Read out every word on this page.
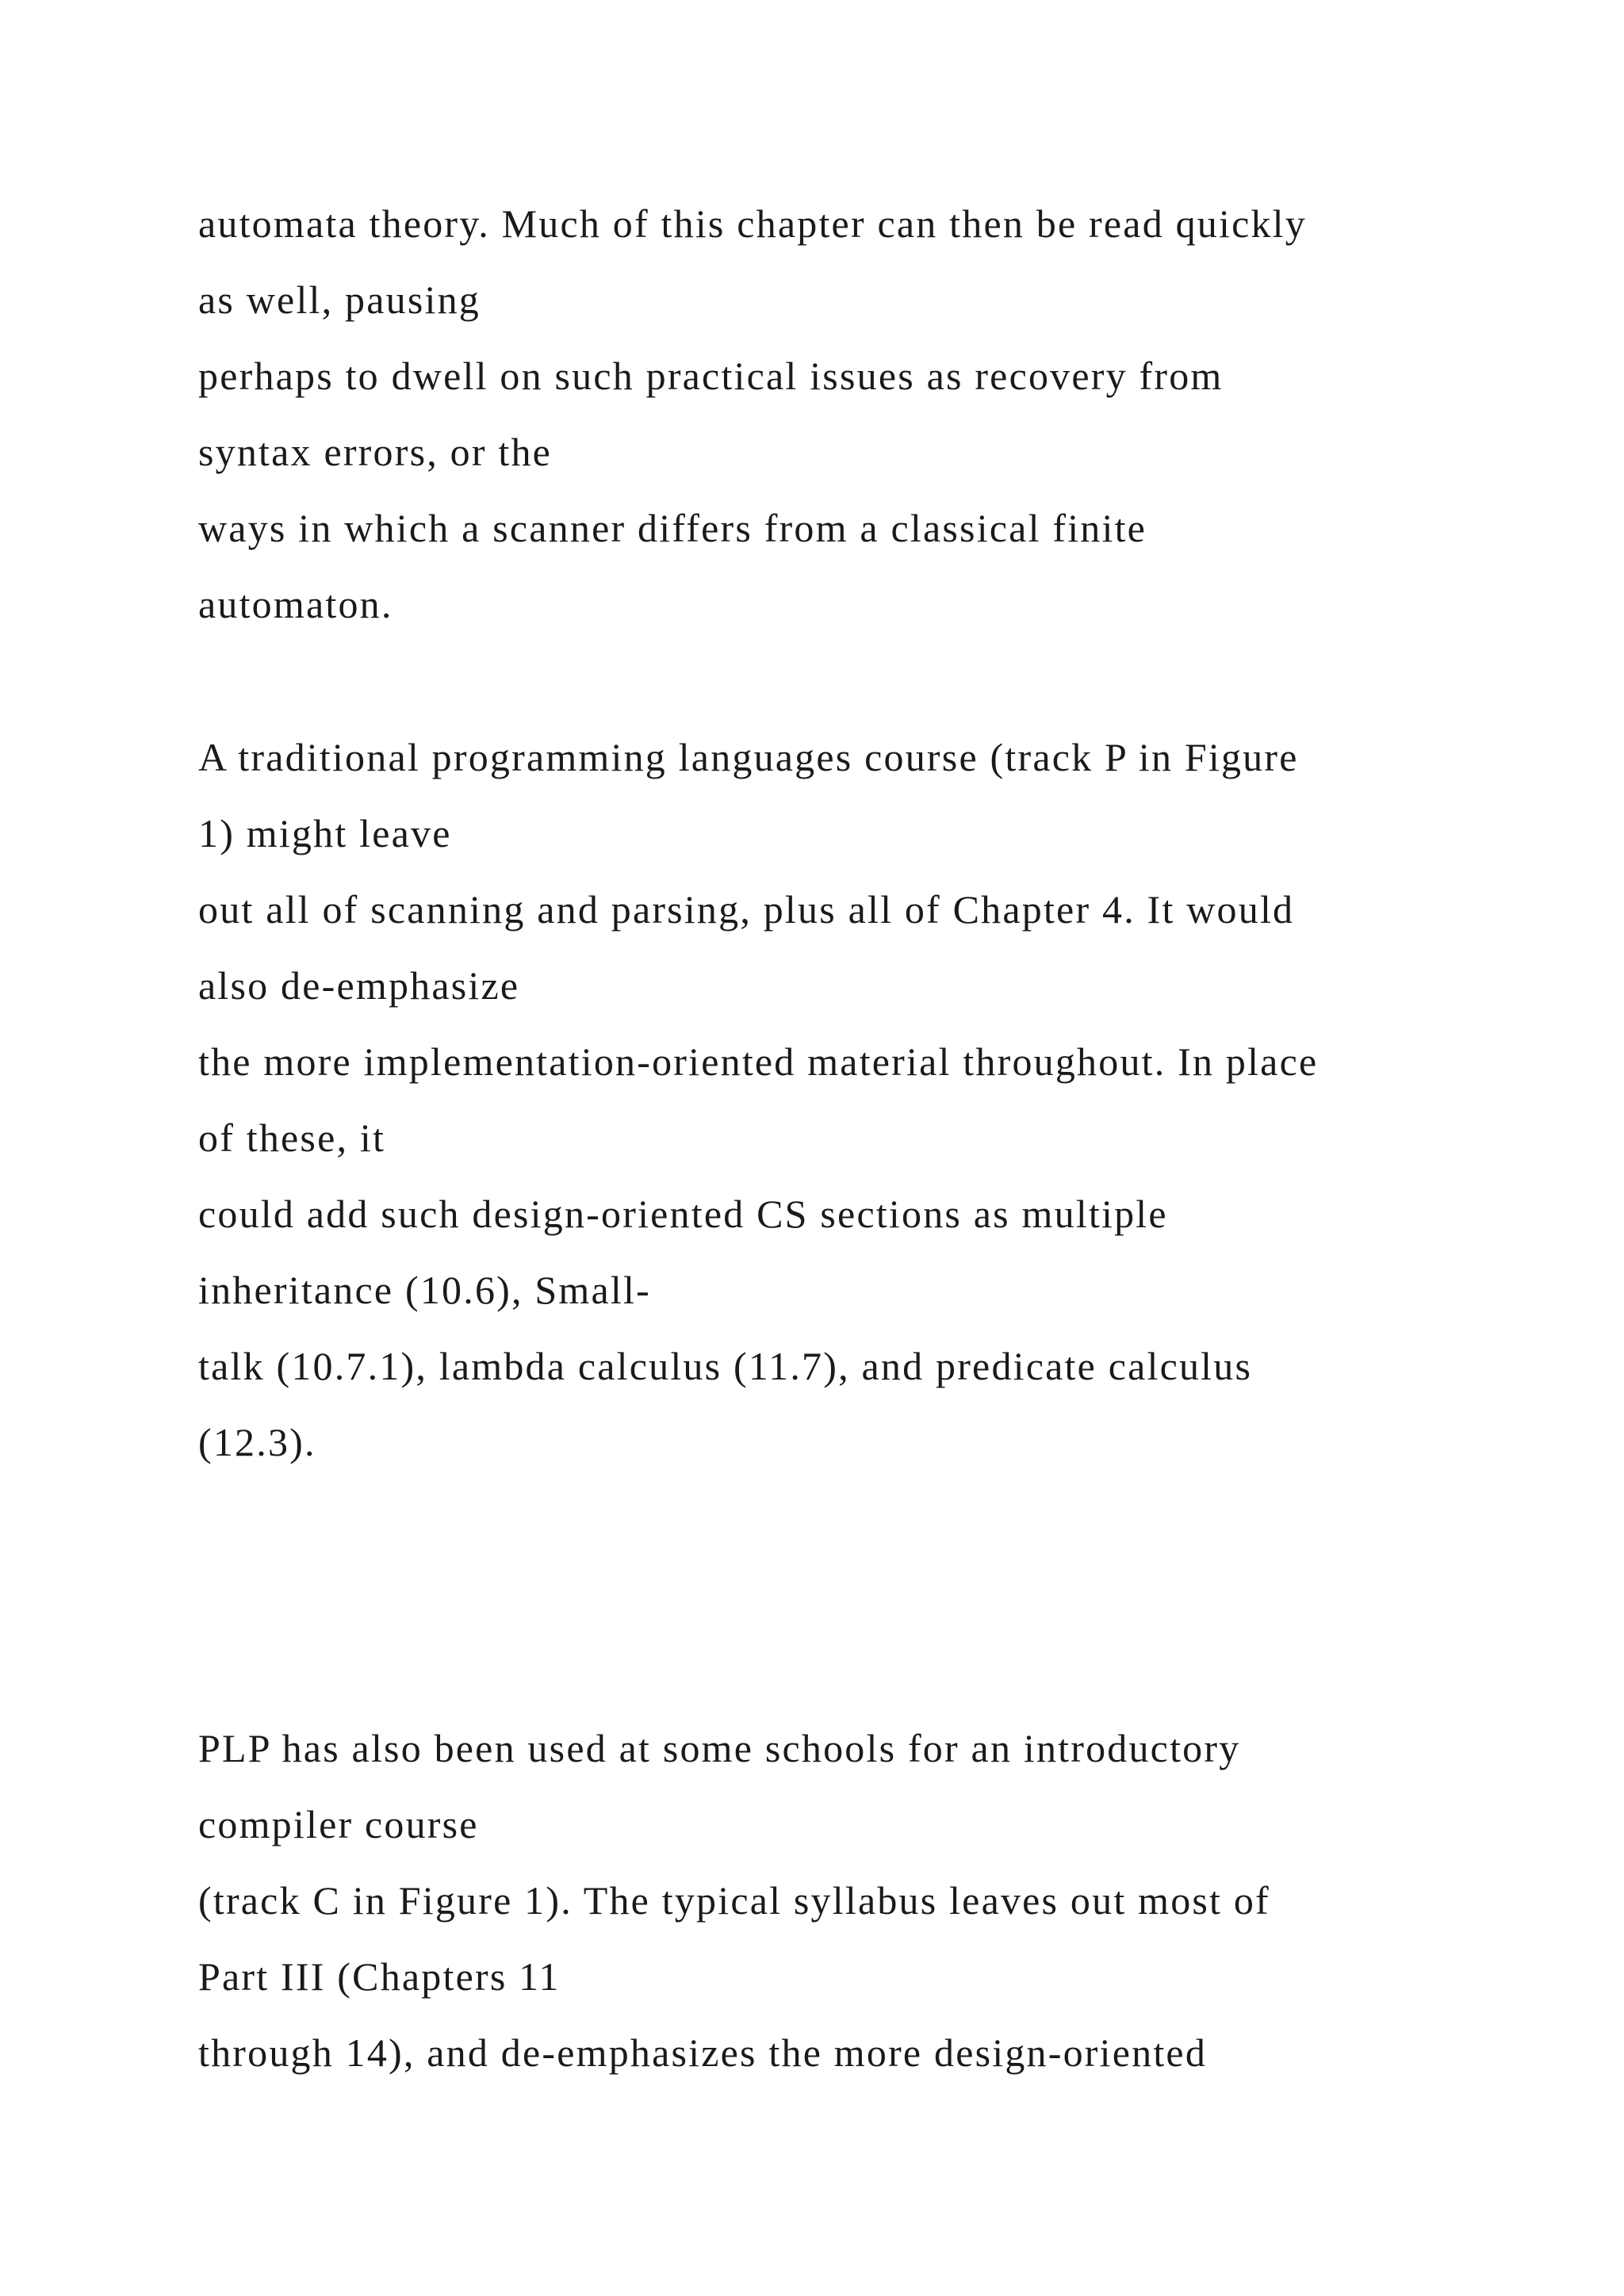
automata theory. Much of this chapter can then be read quickly

as well, pausing

perhaps to dwell on such practical issues as recovery from

syntax errors, or the

ways in which a scanner differs from a classical finite

automaton.

A traditional programming languages course (track P in Figure

1) might leave

out all of scanning and parsing, plus all of Chapter 4. It would

also de-emphasize

the more implementation-oriented material throughout. In place

of these, it

could add such design-oriented CS sections as multiple

inheritance (10.6), Small-

talk (10.7.1), lambda calculus (11.7), and predicate calculus

(12.3).

PLP has also been used at some schools for an introductory

compiler course

(track C in Figure 1). The typical syllabus leaves out most of

Part III (Chapters 11

through 14), and de-emphasizes the more design-oriented
